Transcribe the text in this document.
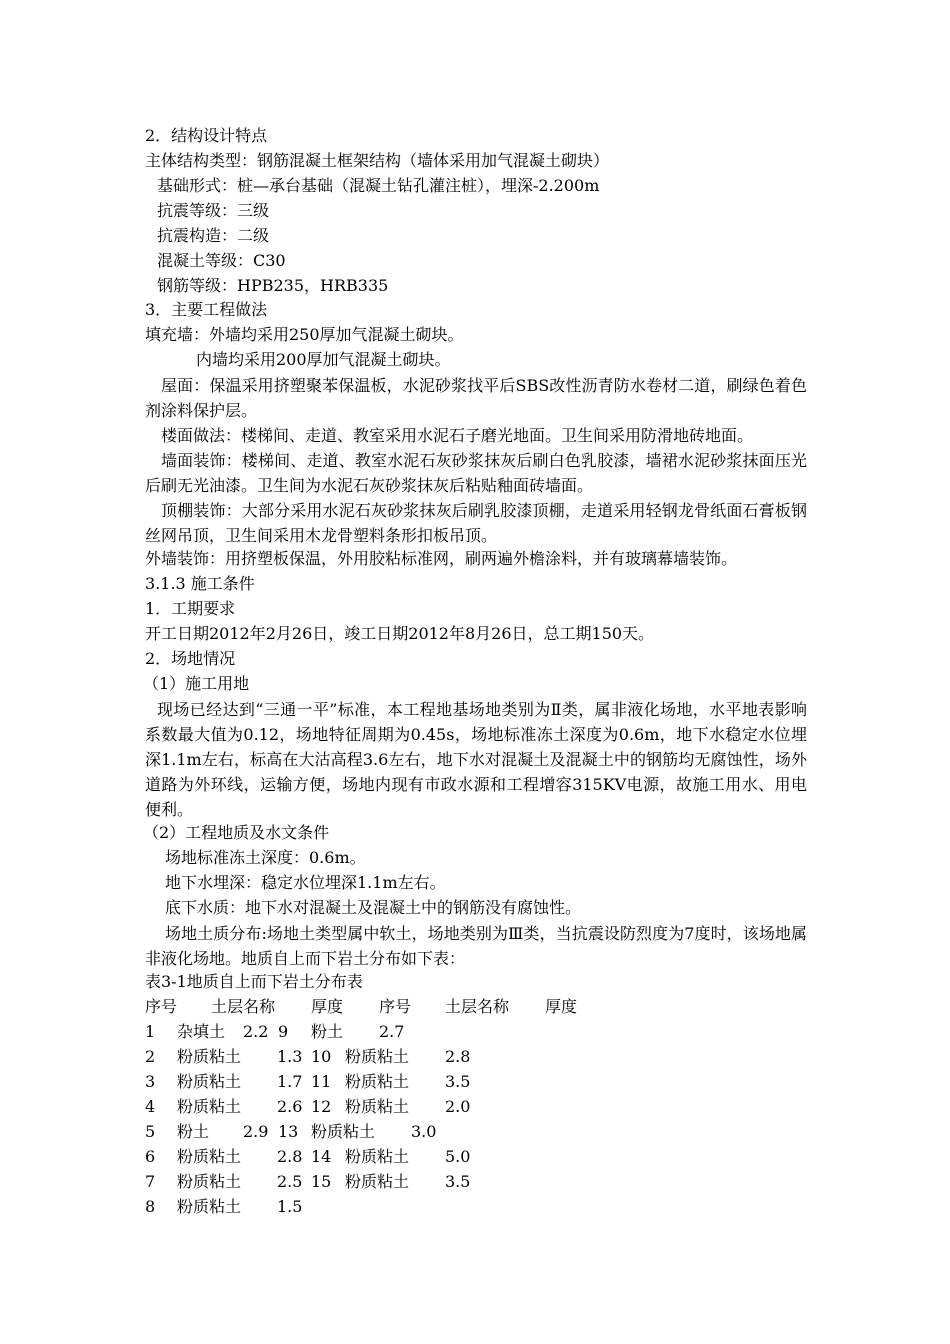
2．结构设计特点
主体结构类型：钢筋混凝土框架结构（墙体采用加气混凝土砌块）
基础形式：桩—承台基础（混凝土钻孔灌注桩），埋深-2.200m
抗震等级：三级
抗震构造：二级
混凝土等级：C30
钢筋等级：HPB235，HRB335
3．主要工程做法
填充墙：外墙均采用250厚加气混凝土砌块。
内墙均采用200厚加气混凝土砌块。
屋面：保温采用挤塑聚苯保温板，水泥砂浆找平后SBS改性沥青防水卷材二道，刷绿色着色剂涂料保护层。
楼面做法：楼梯间、走道、教室采用水泥石子磨光地面。卫生间采用防滑地砖地面。
墙面装饰：楼梯间、走道、教室水泥石灰砂浆抹灰后刷白色乳胶漆，墙裙水泥砂浆抹面压光后刷无光油漆。卫生间为水泥石灰砂浆抹灰后粘贴釉面砖墙面。
顶棚装饰：大部分采用水泥石灰砂浆抹灰后刷乳胶漆顶棚，走道采用轻钢龙骨纸面石膏板钢丝网吊顶，卫生间采用木龙骨塑料条形扣板吊顶。
外墙装饰：用挤塑板保温，外用胶粘标准网，刷两遍外檐涂料，并有玻璃幕墙装饰。
3.1.3 施工条件
1．工期要求
开工日期2012年2月26日，竣工日期2012年8月26日，总工期150天。
2．场地情况
（1）施工用地
现场已经达到“三通一平”标准，本工程地基场地类别为Ⅱ类，属非液化场地，水平地表影响系数最大值为0.12，场地特征周期为0.45s，场地标准冻土深度为0.6m，地下水稳定水位埋深1.1m左右，标高在大沽高程3.6左右，地下水对混凝土及混凝土中的钢筋均无腐蚀性，场外道路为外环线，运输方便，场地内现有市政水源和工程增容315KV电源，故施工用水、用电便利。
（2）工程地质及水文条件
场地标准冻土深度：0.6m。
地下水埋深：稳定水位埋深1.1m左右。
底下水质：地下水对混凝土及混凝土中的钢筋没有腐蚀性。
场地土质分布:场地土类型属中软土，场地类别为Ⅲ类，当抗震设防烈度为7度时，该场地属非液化场地。地质自上而下岩土分布如下表：
表3-1地质自上而下岩土分布表
序号 土层名称 厚度 序号 土层名称 厚度
1 杂填土 2.2 9 粉土 2.7
2 粉质粘土 1.3 10 粉质粘土 2.8
3 粉质粘土 1.7 11 粉质粘土 3.5
4 粉质粘土 2.6 12 粉质粘土 2.0
5 粉土 2.9 13 粉质粘土 3.0
6 粉质粘土 2.8 14 粉质粘土 5.0
7 粉质粘土 2.5 15 粉质粘土 3.5
8 粉质粘土 1.5
